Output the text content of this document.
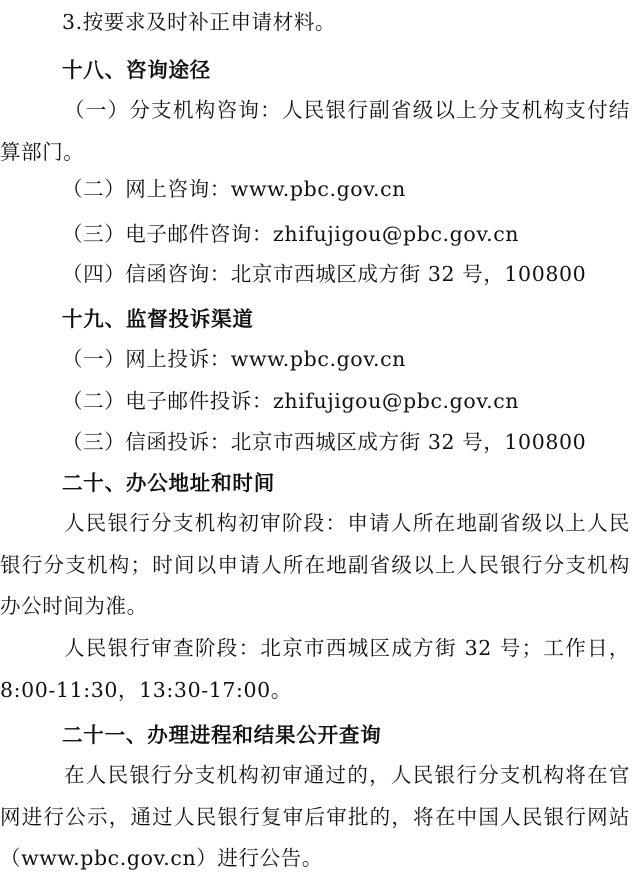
3.按要求及时补正申请材料。
十八、咨询途径
（一）分支机构咨询：人民银行副省级以上分支机构支付结算部门。
（二）网上咨询：www.pbc.gov.cn
（三）电子邮件咨询：zhifujigou@pbc.gov.cn
（四）信函咨询：北京市西城区成方街 32 号，100800
十九、监督投诉渠道
（一）网上投诉：www.pbc.gov.cn
（二）电子邮件投诉：zhifujigou@pbc.gov.cn
（三）信函投诉：北京市西城区成方街 32 号，100800
二十、办公地址和时间
人民银行分支机构初审阶段：申请人所在地副省级以上人民银行分支机构；时间以申请人所在地副省级以上人民银行分支机构办公时间为准。
人民银行审查阶段：北京市西城区成方街 32 号；工作日，8:00-11:30，13:30-17:00。
二十一、办理进程和结果公开查询
在人民银行分支机构初审通过的，人民银行分支机构将在官网进行公示，通过人民银行复审后审批的，将在中国人民银行网站（www.pbc.gov.cn）进行公告。
